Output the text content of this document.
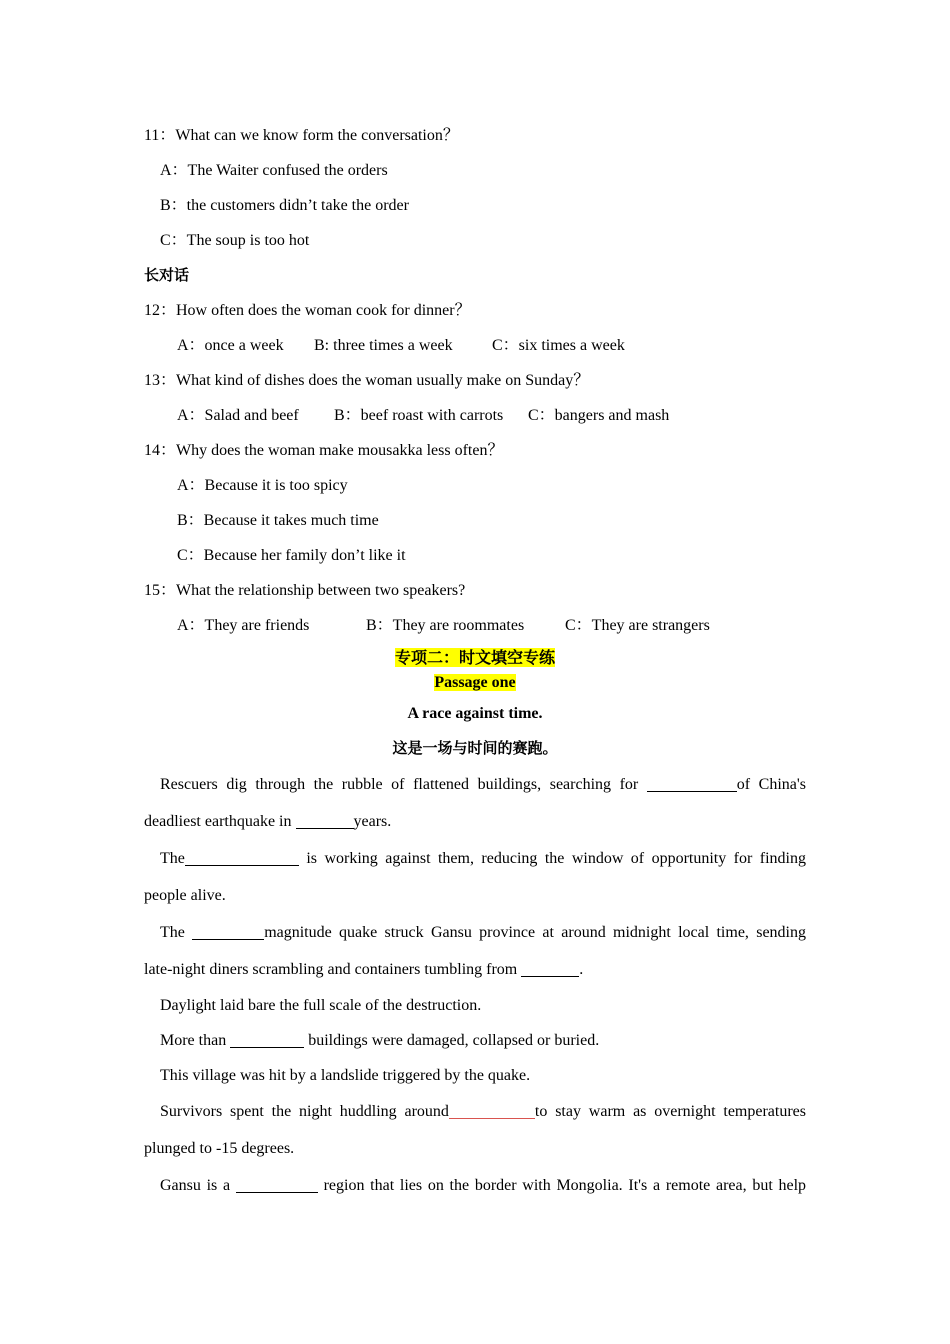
11：What can we know form the conversation？
A：The Waiter confused the orders
B：the customers didn’t take the order
C：The soup is too hot
长对话
12：How often does the woman cook for dinner？
A：once a week B: three times a week C：six times a week
13：What kind of dishes does the woman usually make on Sunday？
A：Salad and beef B：beef roast with carrots C：bangers and mash
14：Why does the woman make mousakka less often？
A：Because it is too spicy
B：Because it takes much time
C：Because her family don’t like it
15：What the relationship between two speakers?
A：They are friends	B：They are roommates	C：They are strangers
专项二：时文填空专练
Passage one
A race against time.
这是一场与时间的赛跑。
Rescuers dig through the rubble of flattened buildings, searching for	of China's
deadliest earthquake in	years.
The	is working against them, reducing the window of opportunity for finding
people alive.
The	magnitude quake struck Gansu province at around midnight local time, sending
late-night diners scrambling and containers tumbling from	.
Daylight laid bare the full scale of the destruction.
More than	buildings were damaged, collapsed or buried.
This village was hit by a landslide triggered by the quake.
Survivors spent the night huddling around	to stay warm as overnight temperatures
plunged to -15 degrees.
Gansu is a	region that lies on the border with Mongolia. It's a remote area, but help
